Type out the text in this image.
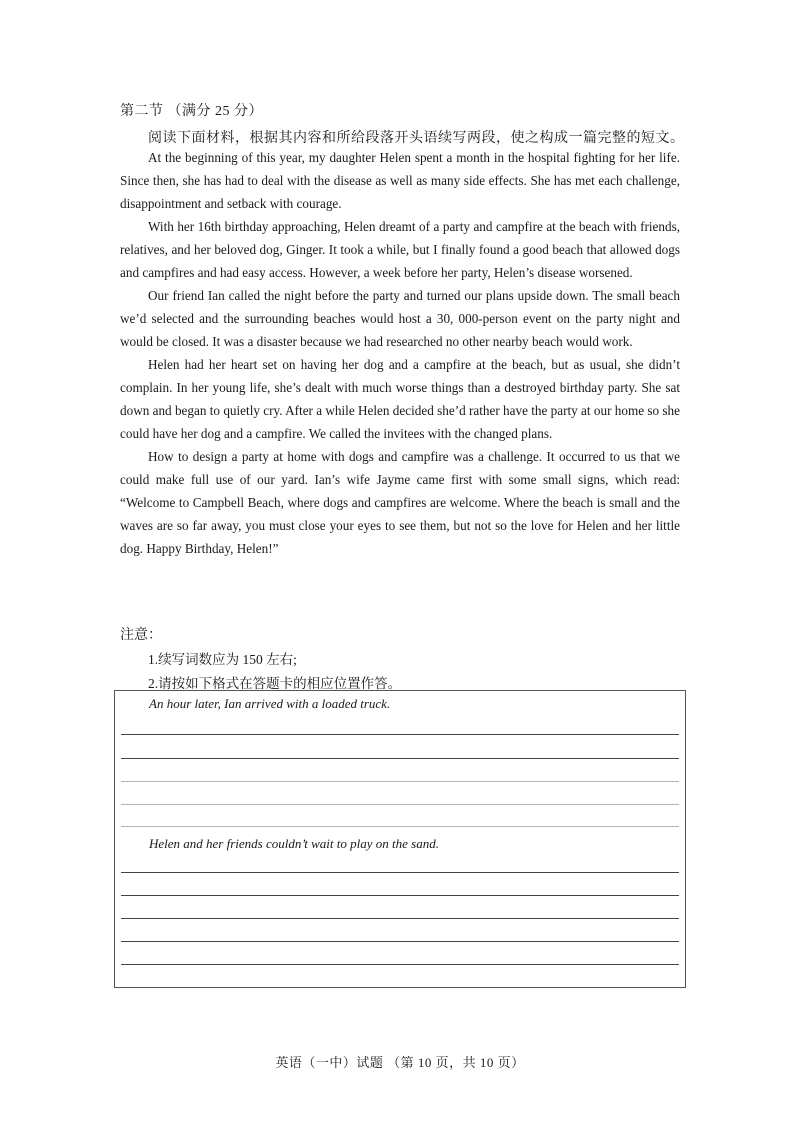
第二节 （满分 25 分）
阅读下面材料，根据其内容和所给段落开头语续写两段，使之构成一篇完整的短文。

At the beginning of this year, my daughter Helen spent a month in the hospital fighting for her life. Since then, she has had to deal with the disease as well as many side effects. She has met each challenge, disappointment and setback with courage.

With her 16th birthday approaching, Helen dreamt of a party and campfire at the beach with friends, relatives, and her beloved dog, Ginger. It took a while, but I finally found a good beach that allowed dogs and campfires and had easy access. However, a week before her party, Helen’s disease worsened.

Our friend Ian called the night before the party and turned our plans upside down. The small beach we’d selected and the surrounding beaches would host a 30, 000-person event on the party night and would be closed. It was a disaster because we had researched no other nearby beach would work.

Helen had her heart set on having her dog and a campfire at the beach, but as usual, she didn’t complain. In her young life, she’s dealt with much worse things than a destroyed birthday party. She sat down and began to quietly cry. After a while Helen decided she’d rather have the party at our home so she could have her dog and a campfire. We called the invitees with the changed plans.

How to design a party at home with dogs and campfire was a challenge. It occurred to us that we could make full use of our yard. Ian’s wife Jayme came first with some small signs, which read: “Welcome to Campbell Beach, where dogs and campfires are welcome. Where the beach is small and the waves are so far away, you must close your eyes to see them, but not so the love for Helen and her little dog. Happy Birthday, Helen!”

注意：
1.续写词数应为 150 左右;
2.请按如下格式在答题卡的相应位置作答。
An hour later, Ian arrived with a loaded truck.
Helen and her friends couldn’t wait to play on the sand.
英语（一中）试题 （第 10 页，共 10 页）
